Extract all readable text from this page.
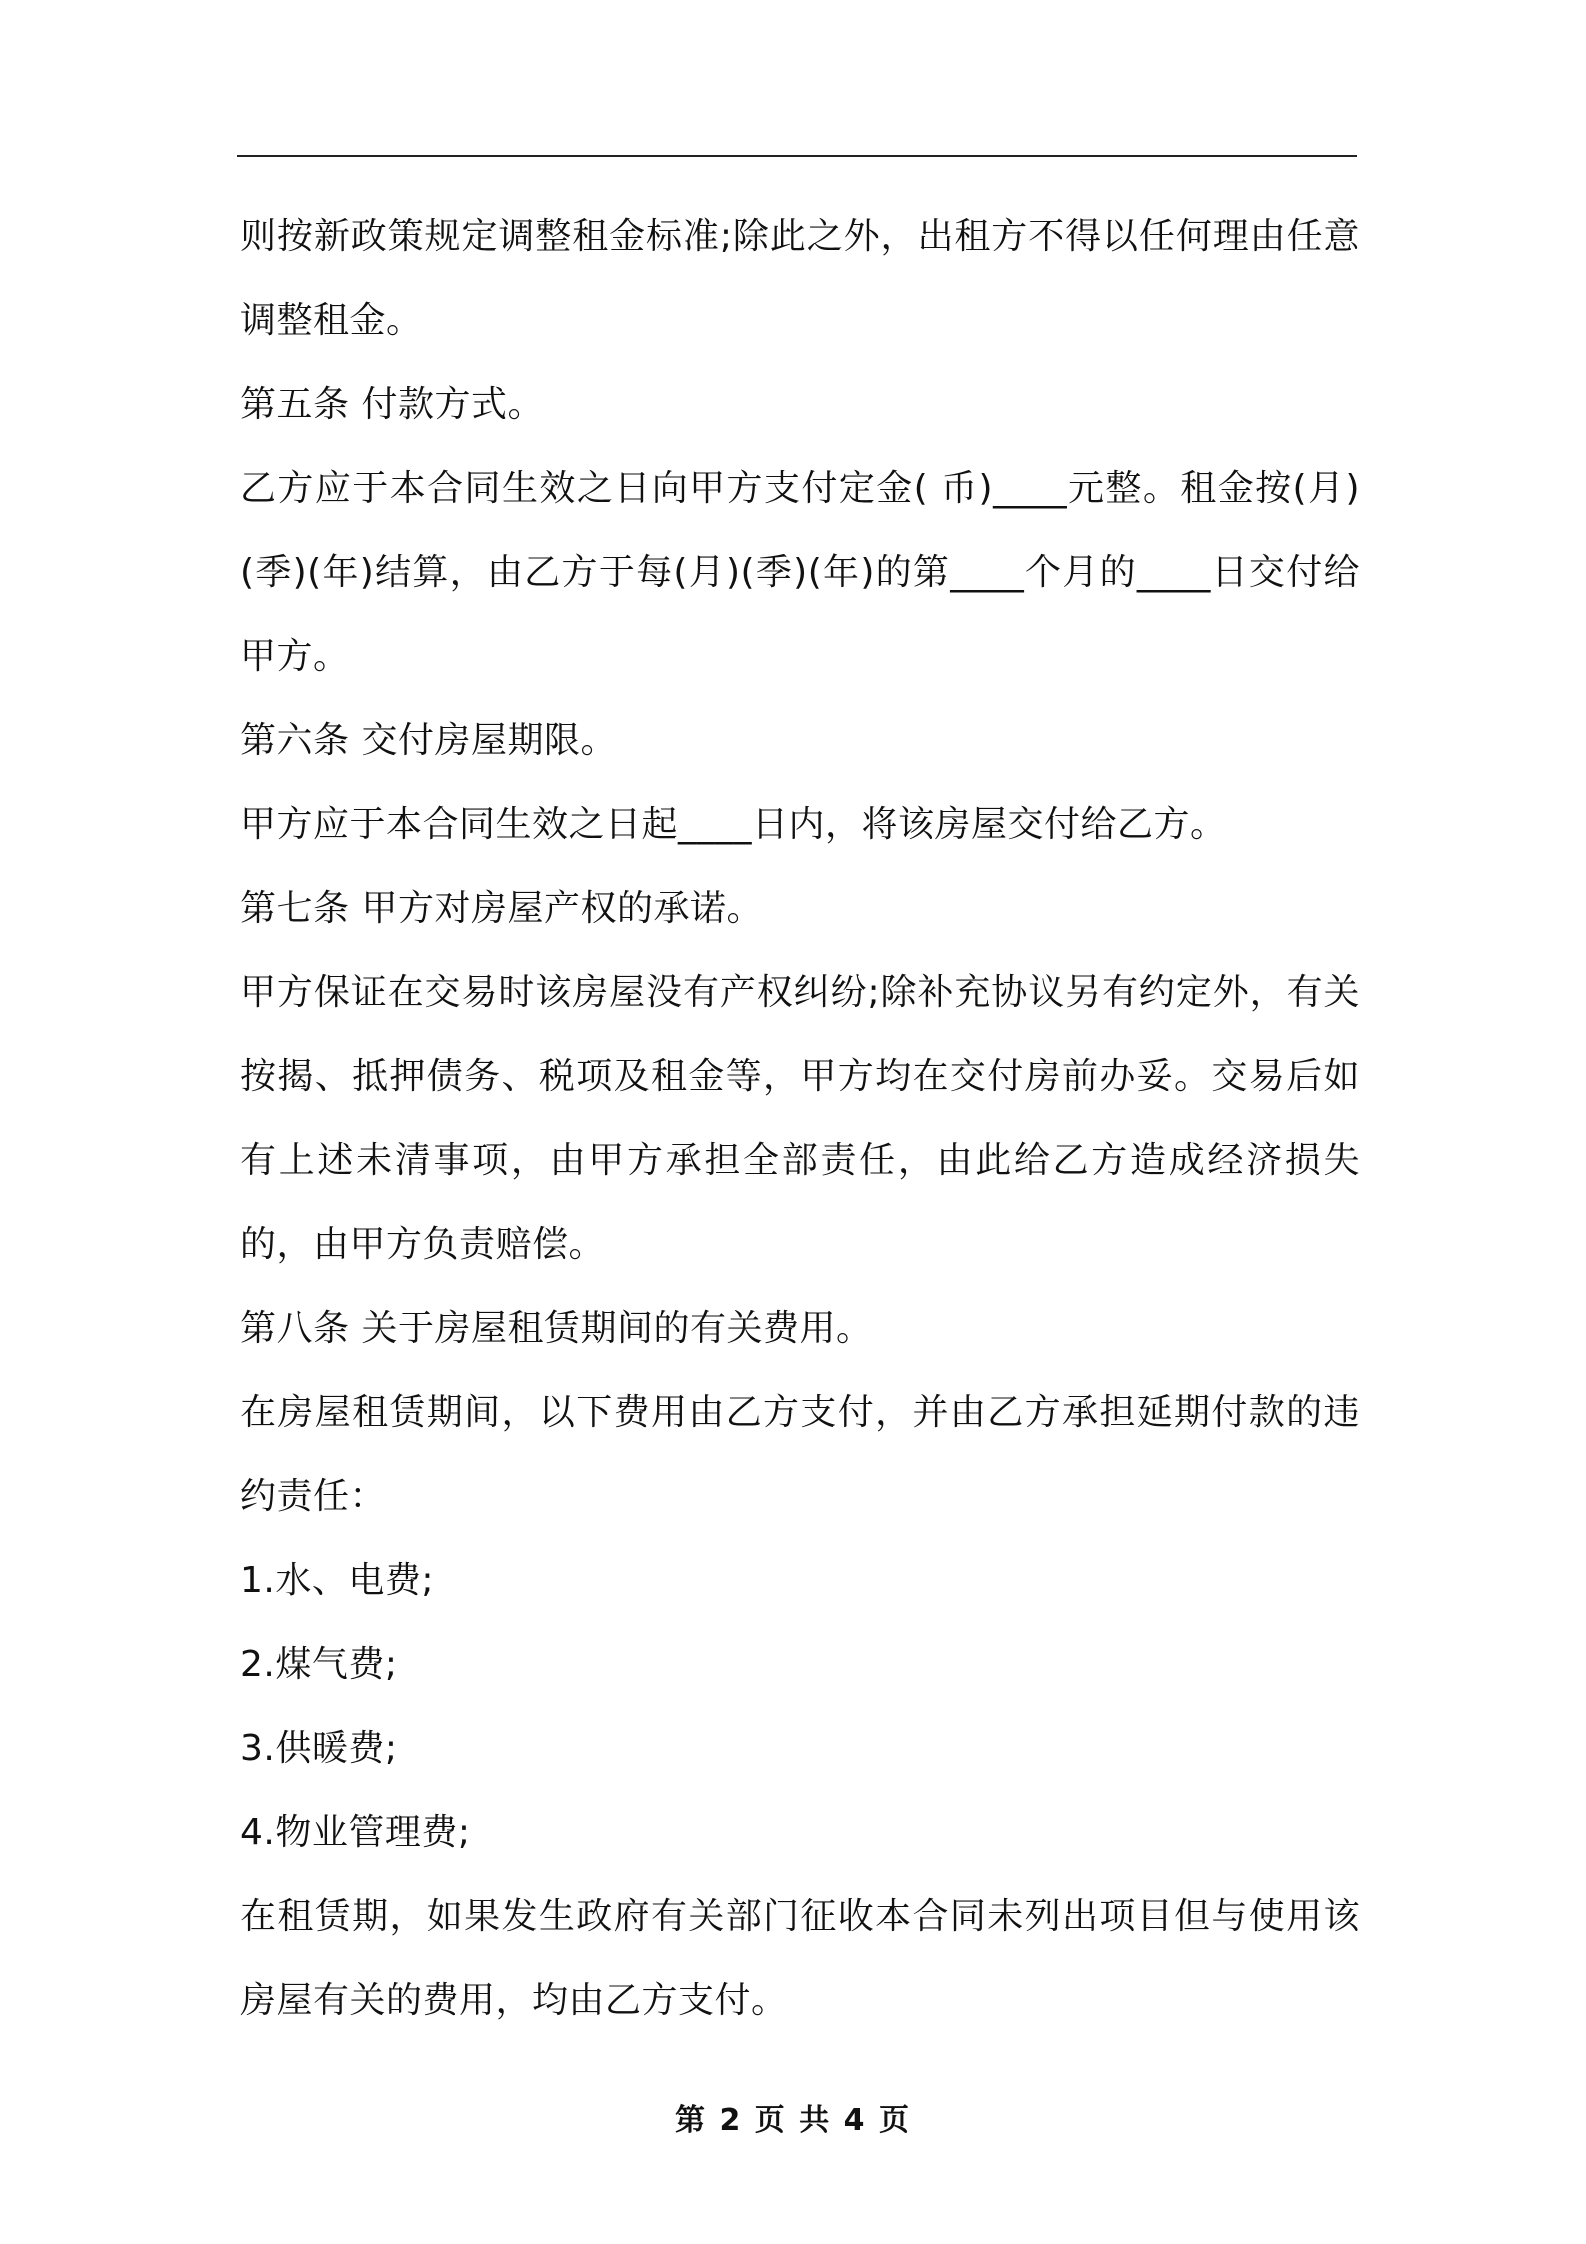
则按新政策规定调整租金标准;除此之外，出租方不得以任何理由任意调整租金。

第五条 付款方式。

乙方应于本合同生效之日向甲方支付定金( 币)____元整。租金按(月)(季)(年)结算，由乙方于每(月)(季)(年)的第____个月的____日交付给甲方。

第六条 交付房屋期限。

甲方应于本合同生效之日起____日内，将该房屋交付给乙方。

第七条 甲方对房屋产权的承诺。

甲方保证在交易时该房屋没有产权纠纷;除补充协议另有约定外，有关按揭、抵押债务、税项及租金等，甲方均在交付房前办妥。交易后如有上述未清事项，由甲方承担全部责任，由此给乙方造成经济损失的，由甲方负责赔偿。

第八条 关于房屋租赁期间的有关费用。

在房屋租赁期间，以下费用由乙方支付，并由乙方承担延期付款的违约责任：

1.水、电费;

2.煤气费;

3.供暖费;

4.物业管理费;

在租赁期，如果发生政府有关部门征收本合同未列出项目但与使用该房屋有关的费用，均由乙方支付。

第 2 页 共 4 页
